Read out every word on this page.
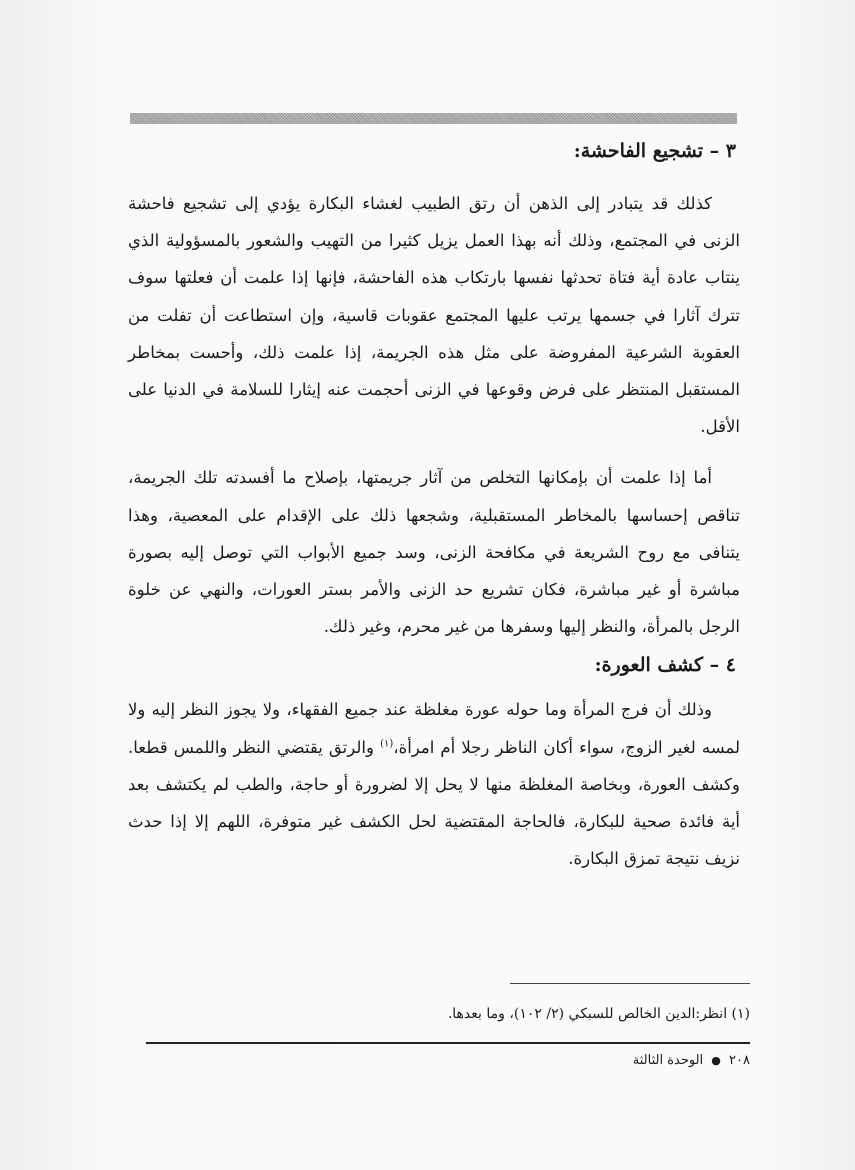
٣ – تشجيع الفاحشة:

كذلك قد يتبادر إلى الذهن أن رتق الطبيب لغشاء البكارة يؤدي إلى تشجيع فاحشة الزنى في المجتمع، وذلك أنه بهذا العمل يزيل كثيرا من التهيب والشعور بالمسؤولية الذي ينتاب عادة أية فتاة تحدثها نفسها بارتكاب هذه الفاحشة، فإنها إذا علمت أن فعلتها سوف تترك آثارا في جسمها يرتب عليها المجتمع عقوبات قاسية، وإن استطاعت أن تفلت من العقوبة الشرعية المفروضة على مثل هذه الجريمة، إذا علمت ذلك، وأحست بمخاطر المستقبل المنتظر على فرض وقوعها في الزنى أحجمت عنه إيثارا للسلامة في الدنيا على الأقل.

أما إذا علمت أن بإمكانها التخلص من آثار جريمتها، بإصلاح ما أفسدته تلك الجريمة، تناقص إحساسها بالمخاطر المستقبلية، وشجعها ذلك على الإقدام على المعصية، وهذا يتنافى مع روح الشريعة في مكافحة الزنى، وسد جميع الأبواب التي توصل إليه بصورة مباشرة أو غير مباشرة، فكان تشريع حد الزنى والأمر بستر العورات، والنهي عن خلوة الرجل بالمرأة، والنظر إليها وسفرها من غير محرم، وغير ذلك.

٤ – كشف العورة:

وذلك أن فرج المرأة وما حوله عورة مغلظة عند جميع الفقهاء، ولا يجوز النظر إليه ولا لمسه لغير الزوج، سواء أكان الناظر رجلا أم امرأة،$^{(١)}$ والرتق يقتضي النظر واللمس قطعا. وكشف العورة، وبخاصة المغلظة منها لا يحل إلا لضرورة أو حاجة، والطب لم يكتشف بعد أية فائدة صحية للبكارة، فالحاجة المقتضية لحل الكشف غير متوفرة، اللهم إلا إذا حدث نزيف نتيجة تمزق البكارة.

(١) انظر:الدين الخالص للسبكي (٢/ ١٠٢)، وما بعدها.
٢٠٨ ● الوحدة الثالثة
